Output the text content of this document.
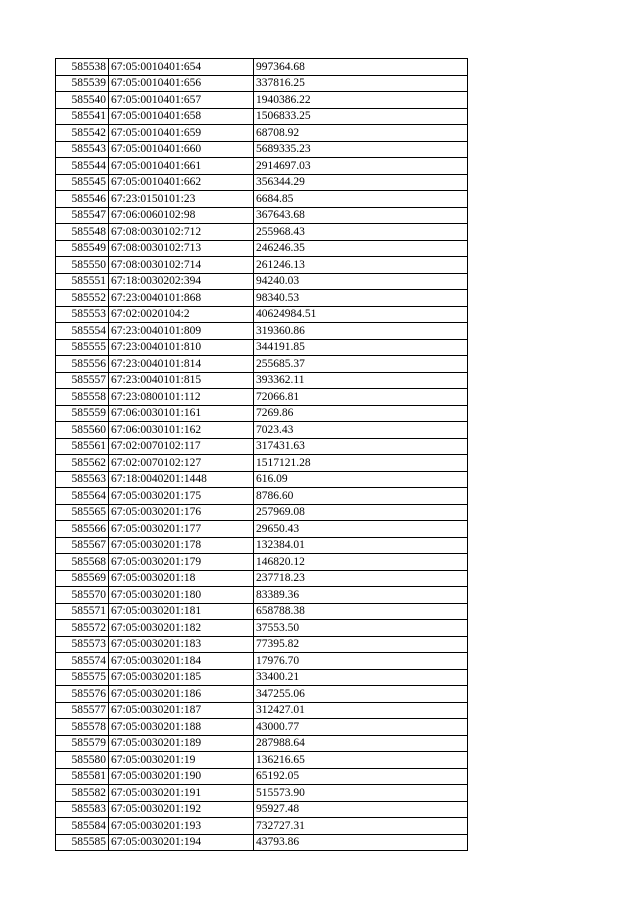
585538	67:05:0010401:654	997364.68
585539	67:05:0010401:656	337816.25
585540	67:05:0010401:657	1940386.22
585541	67:05:0010401:658	1506833.25
585542	67:05:0010401:659	68708.92
585543	67:05:0010401:660	5689335.23
585544	67:05:0010401:661	2914697.03
585545	67:05:0010401:662	356344.29
585546	67:23:0150101:23	6684.85
585547	67:06:0060102:98	367643.68
585548	67:08:0030102:712	255968.43
585549	67:08:0030102:713	246246.35
585550	67:08:0030102:714	261246.13
585551	67:18:0030202:394	94240.03
585552	67:23:0040101:868	98340.53
585553	67:02:0020104:2	40624984.51
585554	67:23:0040101:809	319360.86
585555	67:23:0040101:810	344191.85
585556	67:23:0040101:814	255685.37
585557	67:23:0040101:815	393362.11
585558	67:23:0800101:112	72066.81
585559	67:06:0030101:161	7269.86
585560	67:06:0030101:162	7023.43
585561	67:02:0070102:117	317431.63
585562	67:02:0070102:127	1517121.28
585563	67:18:0040201:1448	616.09
585564	67:05:0030201:175	8786.60
585565	67:05:0030201:176	257969.08
585566	67:05:0030201:177	29650.43
585567	67:05:0030201:178	132384.01
585568	67:05:0030201:179	146820.12
585569	67:05:0030201:18	237718.23
585570	67:05:0030201:180	83389.36
585571	67:05:0030201:181	658788.38
585572	67:05:0030201:182	37553.50
585573	67:05:0030201:183	77395.82
585574	67:05:0030201:184	17976.70
585575	67:05:0030201:185	33400.21
585576	67:05:0030201:186	347255.06
585577	67:05:0030201:187	312427.01
585578	67:05:0030201:188	43000.77
585579	67:05:0030201:189	287988.64
585580	67:05:0030201:19	136216.65
585581	67:05:0030201:190	65192.05
585582	67:05:0030201:191	515573.90
585583	67:05:0030201:192	95927.48
585584	67:05:0030201:193	732727.31
585585	67:05:0030201:194	43793.86
